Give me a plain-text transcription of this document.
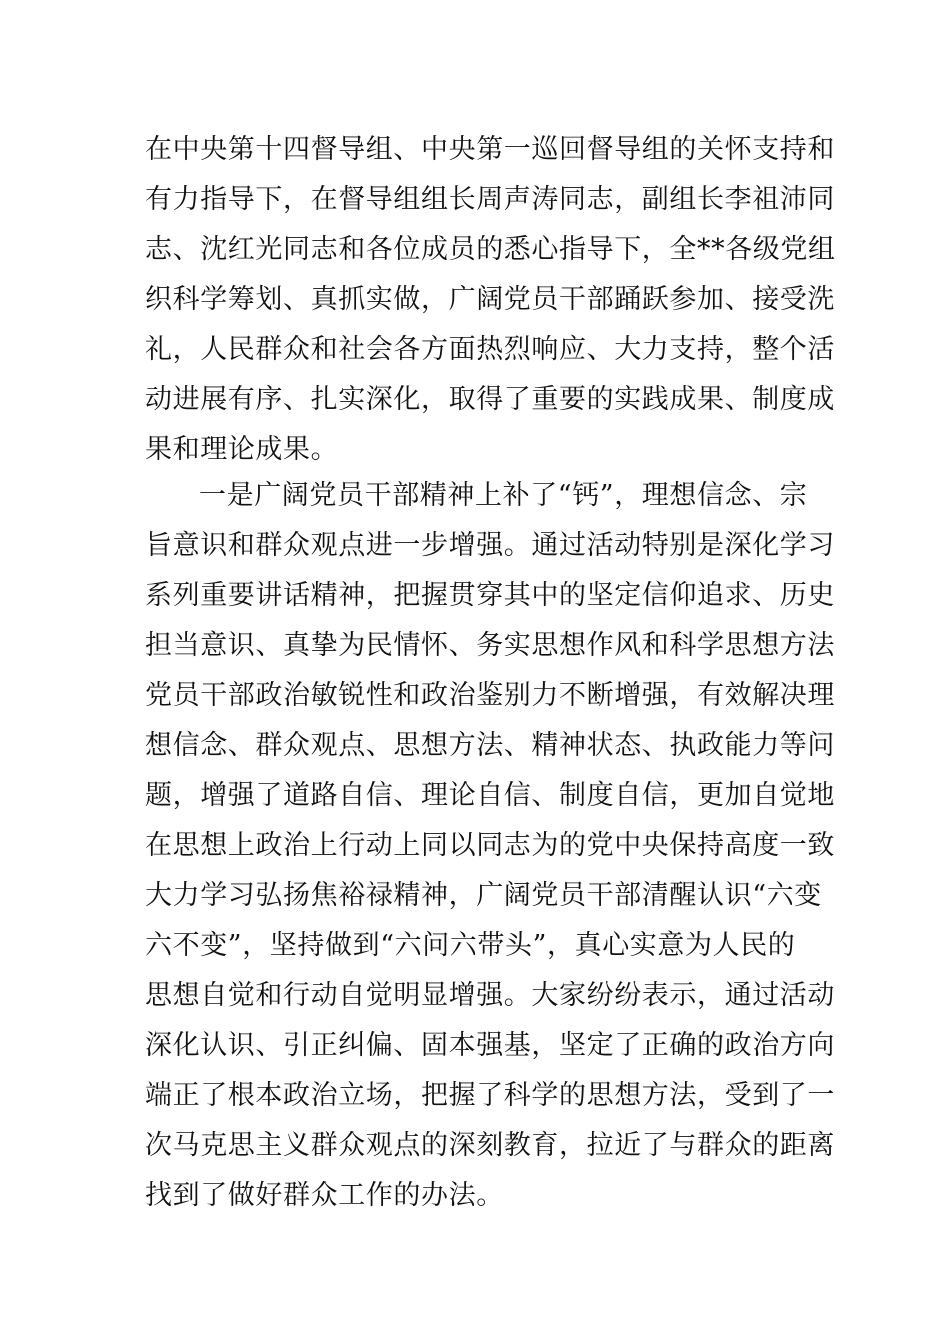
在中央第十四督导组、中央第一巡回督导组的关怀支持和
有力指导下，在督导组组长周声涛同志，副组长李祖沛同
志、沈红光同志和各位成员的悉心指导下，全**各级党组
织科学筹划、真抓实做，广阔党员干部踊跃参加、接受洗
礼，人民群众和社会各方面热烈响应、大力支持，整个活
动进展有序、扎实深化，取得了重要的实践成果、制度成
果和理论成果。
一是广阔党员干部精神上补了“钙”，理想信念、宗
旨意识和群众观点进一步增强。通过活动特别是深化学习
系列重要讲话精神，把握贯穿其中的坚定信仰追求、历史
担当意识、真挚为民情怀、务实思想作风和科学思想方法
党员干部政治敏锐性和政治鉴别力不断增强，有效解决理
想信念、群众观点、思想方法、精神状态、执政能力等问
题，增强了道路自信、理论自信、制度自信，更加自觉地
在思想上政治上行动上同以同志为的党中央保持高度一致
大力学习弘扬焦裕禄精神，广阔党员干部清醒认识“六变
六不变”，坚持做到“六问六带头”，真心实意为人民的
思想自觉和行动自觉明显增强。大家纷纷表示，通过活动
深化认识、引正纠偏、固本强基，坚定了正确的政治方向
端正了根本政治立场，把握了科学的思想方法，受到了一
次马克思主义群众观点的深刻教育，拉近了与群众的距离
找到了做好群众工作的办法。
